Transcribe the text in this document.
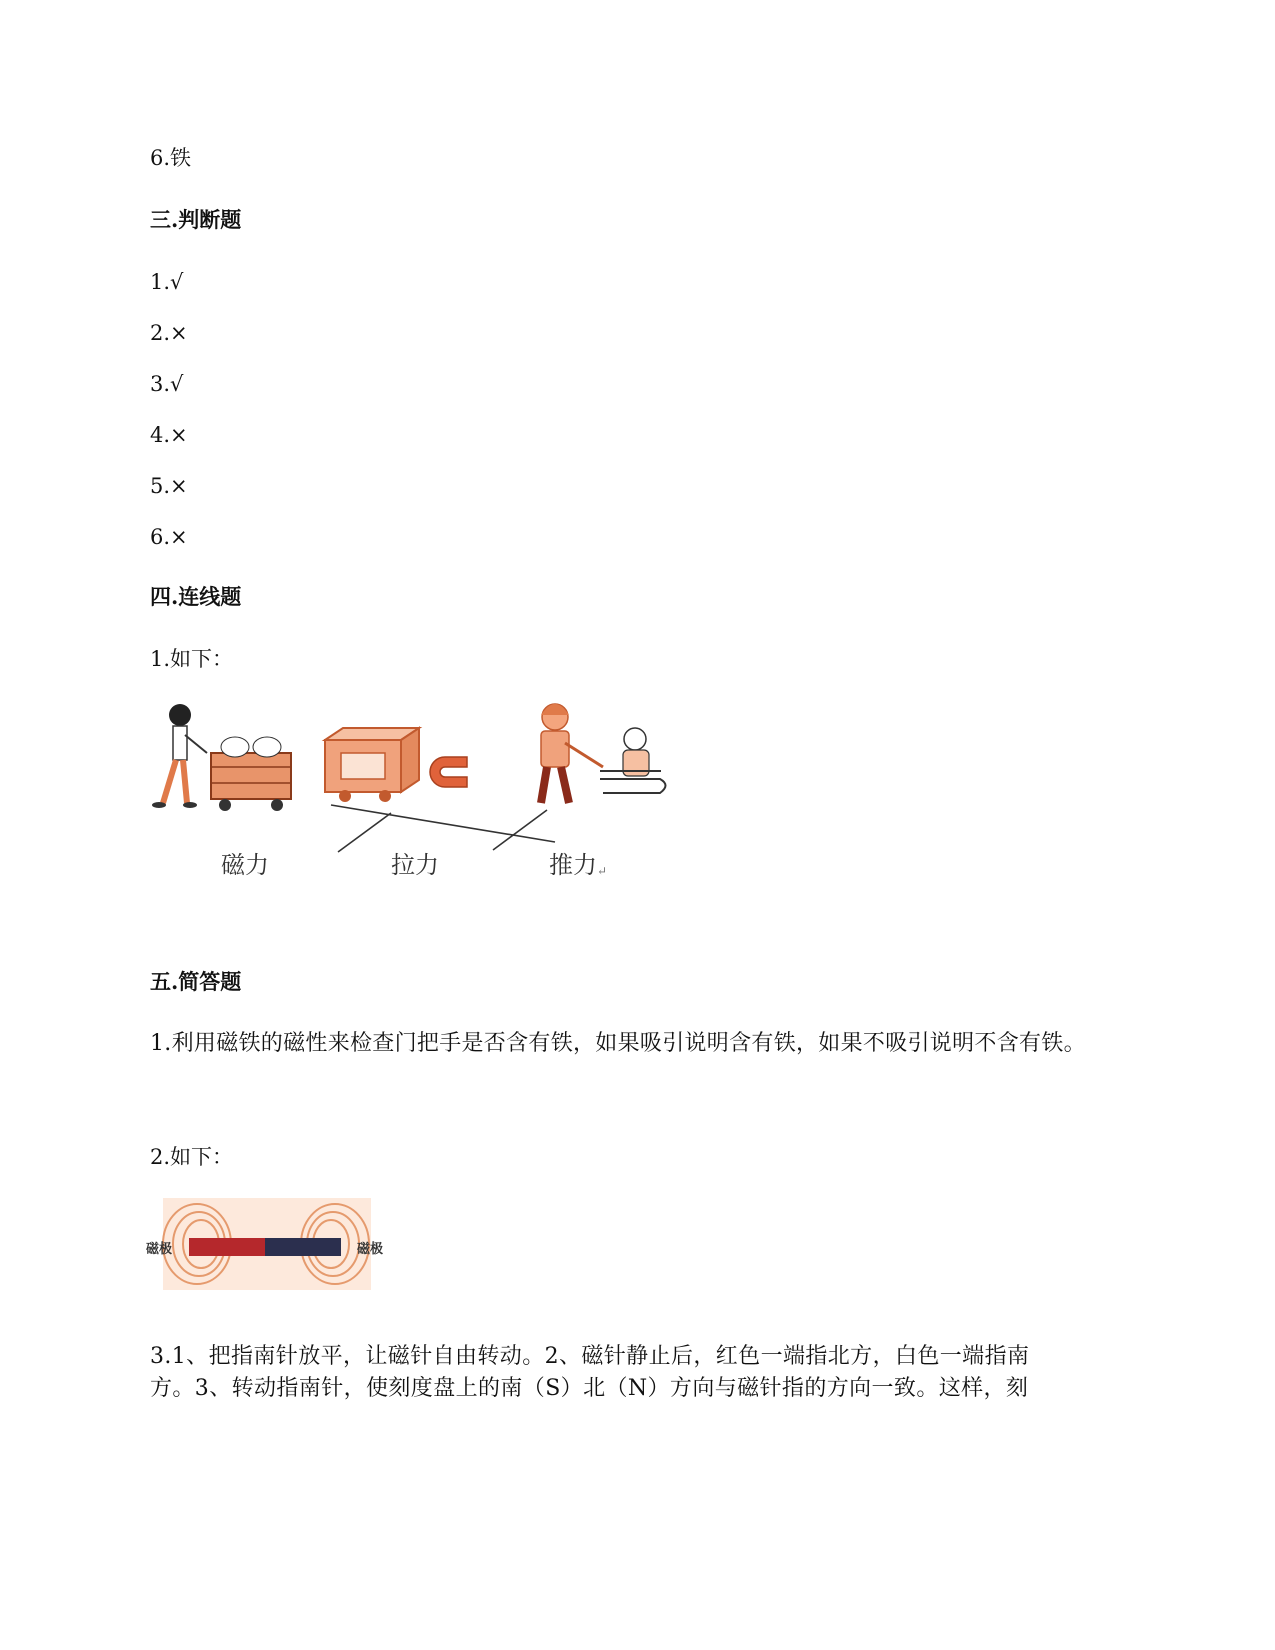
6.铁
三.判断题
1.√
2.×
3.√
4.×
5.×
6.×
四.连线题
1.如下：
磁力	拉力	推力 ↵
五.简答题
1.利用磁铁的磁性来检查门把手是否含有铁，如果吸引说明含有铁，如果不吸引说明不含有铁。
2.如下：
磁极	磁极
3.1、把指南针放平，让磁针自由转动。2、磁针静止后，红色一端指北方，白色一端指南
方。3、转动指南针，使刻度盘上的南（S）北（N）方向与磁针指的方向一致。这样，刻
